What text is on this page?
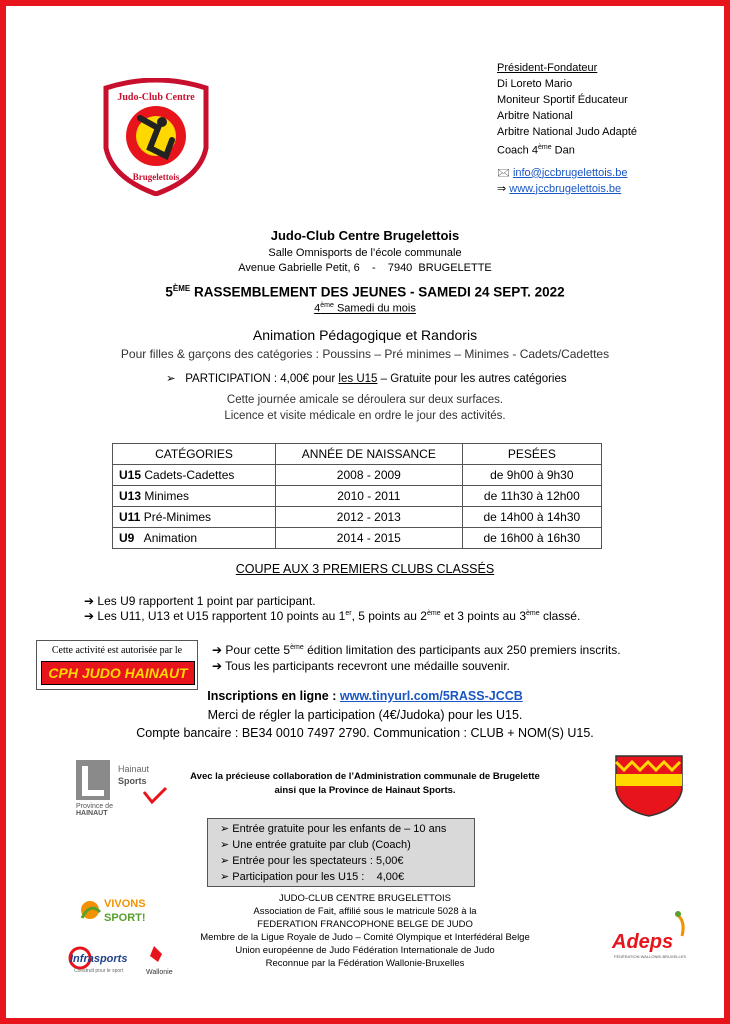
Judo-Club Centre
Brugelettois
Président-Fondateur
Di Loreto Mario
Moniteur Sportif Éducateur
Arbitre National
Arbitre National Judo Adapté
Coach 4ème Dan
🖂 info@jccbrugelettois.be
⇒ www.jccbrugelettois.be
Judo-Club Centre Brugelettois
Salle Omnisports de l’école communale
Avenue Gabrielle Petit, 6    -    7940  BRUGELETTE
5ÈME RASSEMBLEMENT DES JEUNES - SAMEDI 24 SEPT. 2022
4ème Samedi du mois
Animation Pédagogique et Randoris
Pour filles & garçons des catégories : Poussins – Pré minimes – Minimes - Cadets/Cadettes
➢   PARTICIPATION : 4,00€ pour les U15 – Gratuite pour les autres catégories
Cette journée amicale se déroulera sur deux surfaces.
Licence et visite médicale en ordre le jour des activités.
CATÉGORIES	ANNÉE DE NAISSANCE	PESÉES
U15 Cadets-Cadettes	2008 - 2009	de 9h00 à 9h30
U13 Minimes	2010 - 2011	de 11h30 à 12h00
U11 Pré-Minimes	2012 - 2013	de 14h00 à 14h30
U9   Animation	2014 - 2015	de 16h00 à 16h30
COUPE AUX 3 PREMIERS CLUBS CLASSÉS
➔ Les U9 rapportent 1 point par participant.
➔ Les U11, U13 et U15 rapportent 10 points au 1er, 5 points au 2ème et 3 points au 3ème classé.
Cette activité est autorisée par le
CPH JUDO HAINAUT
➔ Pour cette 5ème édition limitation des participants aux 250 premiers inscrits.
➔ Tous les participants recevront une médaille souvenir.
Inscriptions en ligne : www.tinyurl.com/5RASS-JCCB
Merci de régler la participation (4€/Judoka) pour les U15.
Compte bancaire : BE34 0010 7497 2790. Communication : CLUB + NOM(S) U15.
Hainaut
Sports
Province de
HAINAUT
Avec la précieuse collaboration de l’Administration communale de Brugelette
ainsi que la Province de Hainaut Sports.
➢ Entrée gratuite pour les enfants de – 10 ans
➢ Une entrée gratuite par club (Coach)
➢ Entrée pour les spectateurs : 5,00€
➢ Participation pour les U15 :    4,00€
JUDO-CLUB CENTRE BRUGELETTOIS
Association de Fait, affilié sous le matricule 5028 à la
FEDERATION FRANCOPHONE BELGE DE JUDO
Membre de la Ligue Royale de Judo – Comité Olympique et Interfédéral Belge
Union européenne de Judo Fédération Internationale de Judo
Reconnue par la Fédération Wallonie-Bruxelles
VIVONS
SPORT!
Infrasports
Construit pour le sport	Wallonie
Adeps
FÉDÉRATION WALLONIE-BRUXELLES
